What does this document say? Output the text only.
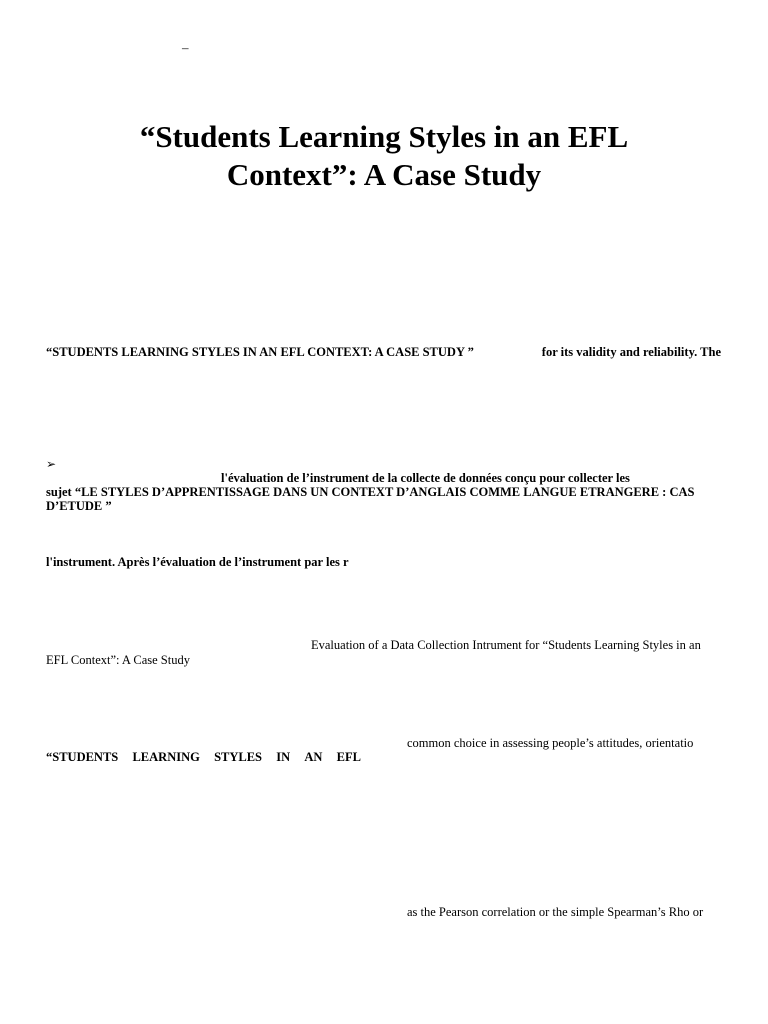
–
“Students Learning Styles in an EFL
Context”: A Case Study
“STUDENTS LEARNING STYLES IN AN EFL CONTEXT: A CASE STUDY ”	for its validity and reliability. The
➢
l'évaluation de l’instrument de la collecte de données conçu pour collecter les
sujet “LE STYLES D’APPRENTISSAGE DANS UN CONTEXT D’ANGLAIS COMME LANGUE ETRANGERE : CAS D’ETUDE ”
l'instrument. Après l’évaluation de l’instrument par les r
Evaluation of a Data Collection Intrument for “Students Learning Styles in an
EFL Context”: A Case Study
common choice in assessing people’s attitudes, orientatio
“STUDENTS LEARNING STYLES IN AN EFL
as the Pearson correlation or the simple Spearman’s Rho or
